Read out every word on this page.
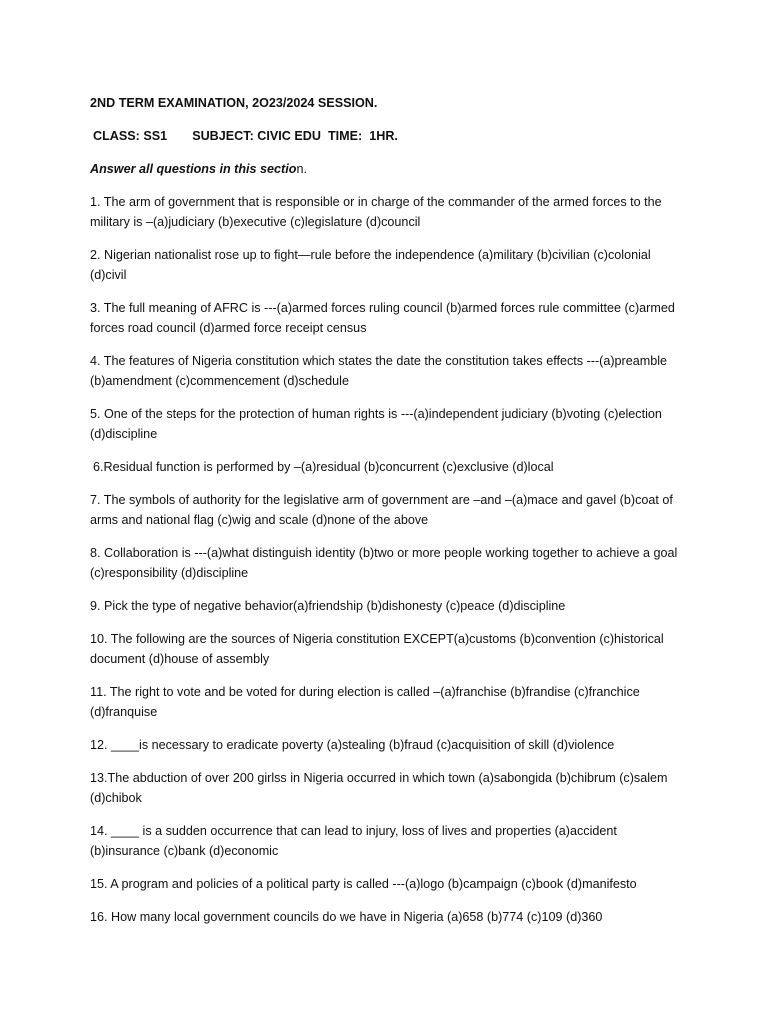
2ND TERM EXAMINATION, 2O23/2024 SESSION.

CLASS: SS1 SUBJECT: CIVIC EDU TIME:  1HR.

Answer all questions in this section.

1. The arm of government that is responsible or in charge of the commander of the armed forces to the military is –(a)judiciary (b)executive (c)legislature (d)council

2. Nigerian nationalist rose up to fight—rule before the independence (a)military (b)civilian (c)colonial (d)civil

3. The full meaning of AFRC is ---(a)armed forces ruling council (b)armed forces rule committee (c)armed forces road council (d)armed force receipt census

4. The features of Nigeria constitution which states the date the constitution takes effects ---(a)preamble (b)amendment (c)commencement (d)schedule

5. One of the steps for the protection of human rights is ---(a)independent judiciary (b)voting (c)election (d)discipline

6.Residual function is performed by –(a)residual (b)concurrent (c)exclusive (d)local

7. The symbols of authority for the legislative arm of government are –and –(a)mace and gavel (b)coat of arms and national flag (c)wig and scale (d)none of the above

8. Collaboration is ---(a)what distinguish identity (b)two or more people working together to achieve a goal (c)responsibility (d)discipline

9. Pick the type of negative behavior(a)friendship (b)dishonesty (c)peace (d)discipline

10. The following are the sources of Nigeria constitution EXCEPT(a)customs (b)convention (c)historical document (d)house of assembly

11. The right to vote and be voted for during election is called –(a)franchise (b)frandise (c)franchice (d)franquise

12. ____is necessary to eradicate poverty (a)stealing (b)fraud (c)acquisition of skill (d)violence

13.The abduction of over 200 girlss in Nigeria occurred in which town (a)sabongida (b)chibrum (c)salem (d)chibok

14. ____ is a sudden occurrence that can lead to injury, loss of lives and properties (a)accident (b)insurance (c)bank (d)economic

15. A program and policies of a political party is called ---(a)logo (b)campaign (c)book (d)manifesto

16. How many local government councils do we have in Nigeria (a)658 (b)774 (c)109 (d)360
